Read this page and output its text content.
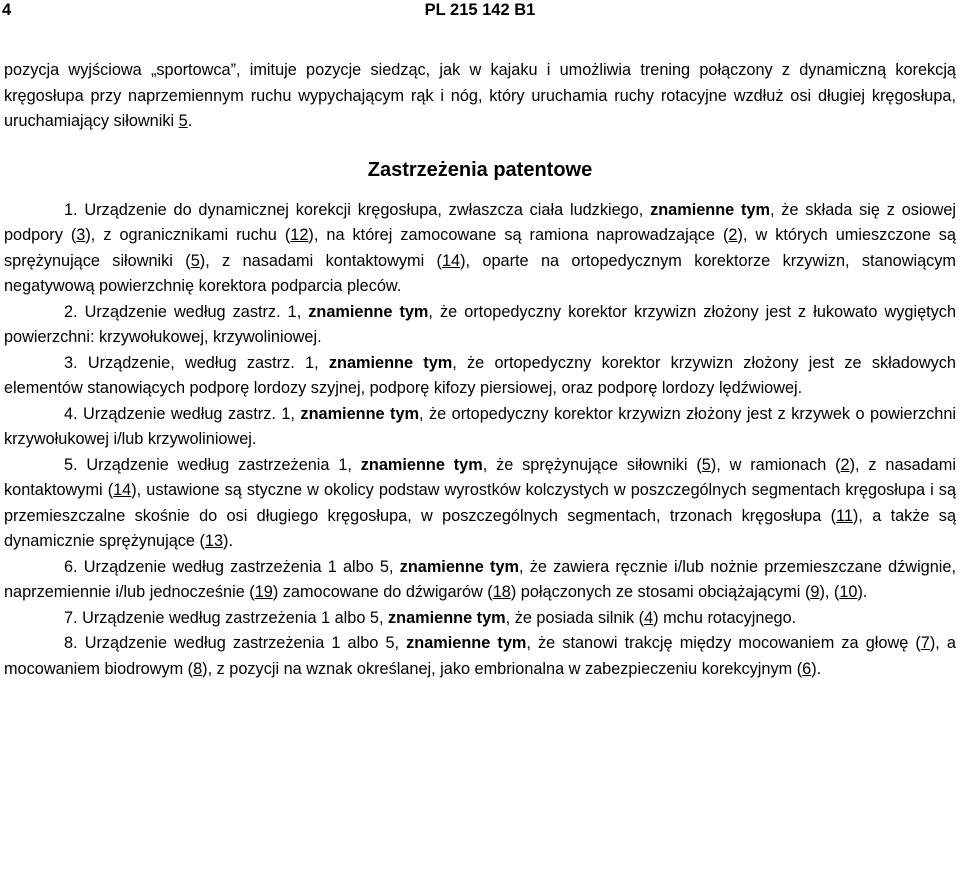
4	PL 215 142 B1

pozycja wyjściowa „sportowca”, imituje pozycje siedząc, jak w kajaku i umożliwia trening połączony z dynamiczną korekcją kręgosłupa przy naprzemiennym ruchu wypychającym rąk i nóg, który uruchamia ruchy rotacyjne wzdłuż osi długiej kręgosłupa, uruchamiający siłowniki 5.

Zastrzeżenia patentowe

1. Urządzenie do dynamicznej korekcji kręgosłupa, zwłaszcza ciała ludzkiego, znamienne tym, że składa się z osiowej podpory (3), z ogranicznikami ruchu (12), na której zamocowane są ramiona naprowadzające (2), w których umieszczone są sprężynujące siłowniki (5), z nasadami kontaktowymi (14), oparte na ortopedycznym korektorze krzywizn, stanowiącym negatywową powierzchnię korektora podparcia pleców.

2. Urządzenie według zastrz. 1, znamienne tym, że ortopedyczny korektor krzywizn złożony jest z łukowato wygiętych powierzchni: krzywołukowej, krzywoliniowej.

3. Urządzenie, według zastrz. 1, znamienne tym, że ortopedyczny korektor krzywizn złożony jest ze składowych elementów stanowiących podporę lordozy szyjnej, podporę kifozy piersiowej, oraz podporę lordozy lędźwiowej.

4. Urządzenie według zastrz. 1, znamienne tym, że ortopedyczny korektor krzywizn złożony jest z krzywek o powierzchni krzywołukowej i/lub krzywoliniowej.

5. Urządzenie według zastrzeżenia 1, znamienne tym, że sprężynujące siłowniki (5), w ramionach (2), z nasadami kontaktowymi (14), ustawione są styczne w okolicy podstaw wyrostków kolczystych w poszczególnych segmentach kręgosłupa i są przemieszczalne skośnie do osi długiego kręgosłupa, w poszczególnych segmentach, trzonach kręgosłupa (11), a także są dynamicznie sprężynujące (13).

6. Urządzenie według zastrzeżenia 1 albo 5, znamienne tym, że zawiera ręcznie i/lub nożnie przemieszczane dźwignie, naprzemiennie i/lub jednocześnie (19) zamocowane do dźwigarów (18) połączonych ze stosami obciążającymi (9), (10).

7. Urządzenie według zastrzeżenia 1 albo 5, znamienne tym, że posiada silnik (4) mchu rotacyjnego.

8. Urządzenie według zastrzeżenia 1 albo 5, znamienne tym, że stanowi trakcję między mocowaniem za głowę (7), a mocowaniem biodrowym (8), z pozycji na wznak określanej, jako embrionalna w zabezpieczeniu korekcyjnym (6).
